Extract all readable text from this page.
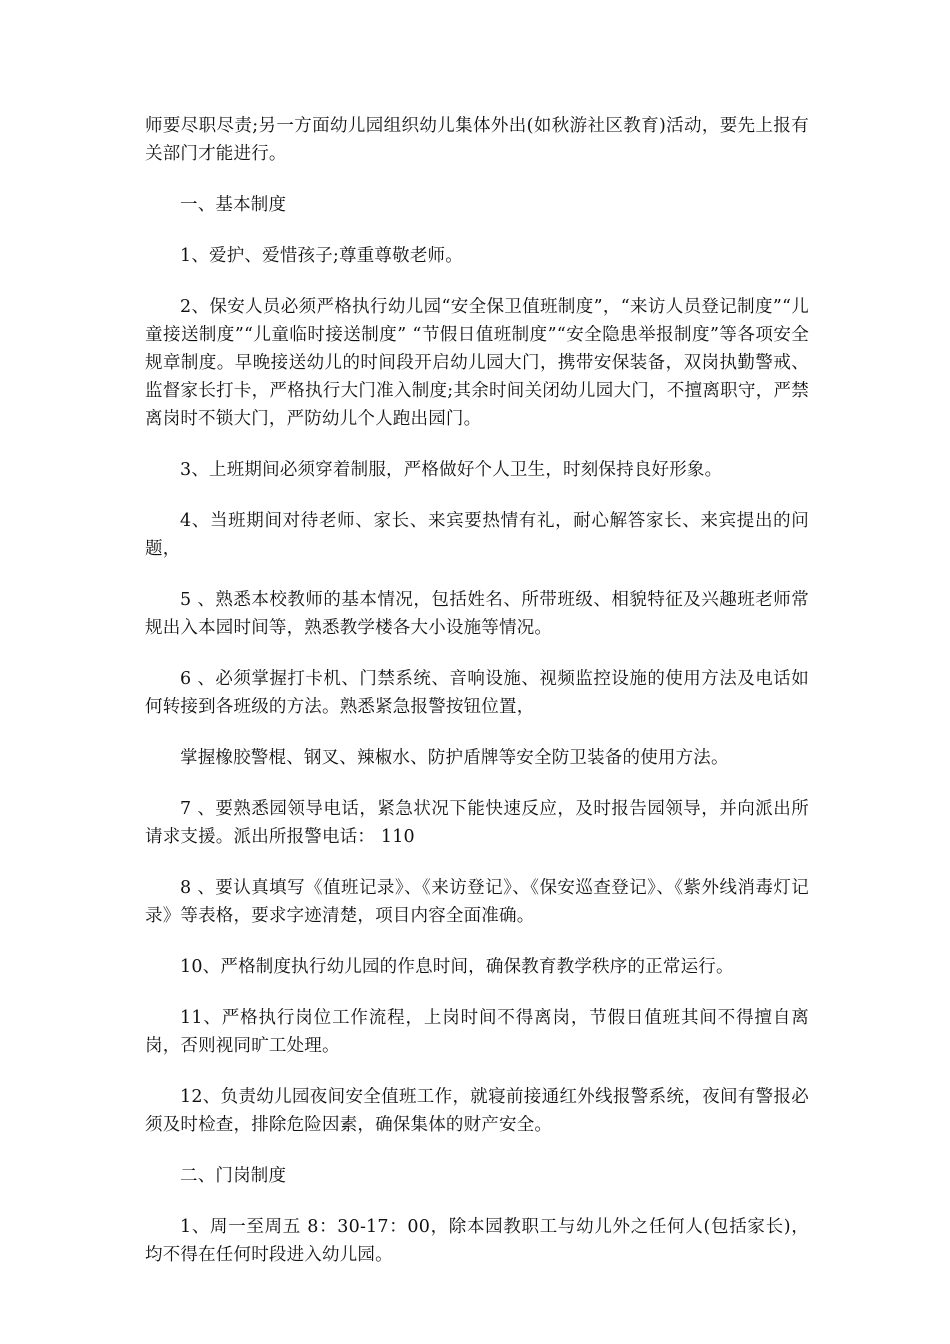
师要尽职尽责;另一方面幼儿园组织幼儿集体外出(如秋游社区教育)活动，要先上报有关部门才能进行。

一、基本制度

1、爱护、爱惜孩子;尊重尊敬老师。

2、保安人员必须严格执行幼儿园“安全保卫值班制度”，“来访人员登记制度”“儿童接送制度”“儿童临时接送制度” “节假日值班制度”“安全隐患举报制度”等各项安全规章制度。早晚接送幼儿的时间段开启幼儿园大门，携带安保装备，双岗执勤警戒、监督家长打卡，严格执行大门准入制度;其余时间关闭幼儿园大门，不擅离职守，严禁离岗时不锁大门，严防幼儿个人跑出园门。

3、上班期间必须穿着制服，严格做好个人卫生，时刻保持良好形象。

4、当班期间对待老师、家长、来宾要热情有礼，耐心解答家长、来宾提出的问题，

5 、熟悉本校教师的基本情况，包括姓名、所带班级、相貌特征及兴趣班老师常规出入本园时间等，熟悉教学楼各大小设施等情况。

6 、必须掌握打卡机、门禁系统、音响设施、视频监控设施的使用方法及电话如何转接到各班级的方法。熟悉紧急报警按钮位置，

掌握橡胶警棍、钢叉、辣椒水、防护盾牌等安全防卫装备的使用方法。

7 、要熟悉园领导电话，紧急状况下能快速反应，及时报告园领导，并向派出所请求支援。派出所报警电话： 110

8 、要认真填写《值班记录》、《来访登记》、《保安巡查登记》、《紫外线消毒灯记录》等表格，要求字迹清楚，项目内容全面准确。

10、严格制度执行幼儿园的作息时间，确保教育教学秩序的正常运行。

11、严格执行岗位工作流程，上岗时间不得离岗，节假日值班其间不得擅自离岗，否则视同旷工处理。

12、负责幼儿园夜间安全值班工作，就寝前接通红外线报警系统，夜间有警报必须及时检查，排除危险因素，确保集体的财产安全。

二、门岗制度

1、周一至周五 8：30-17：00，除本园教职工与幼儿外之任何人(包括家长)，均不得在任何时段进入幼儿园。
